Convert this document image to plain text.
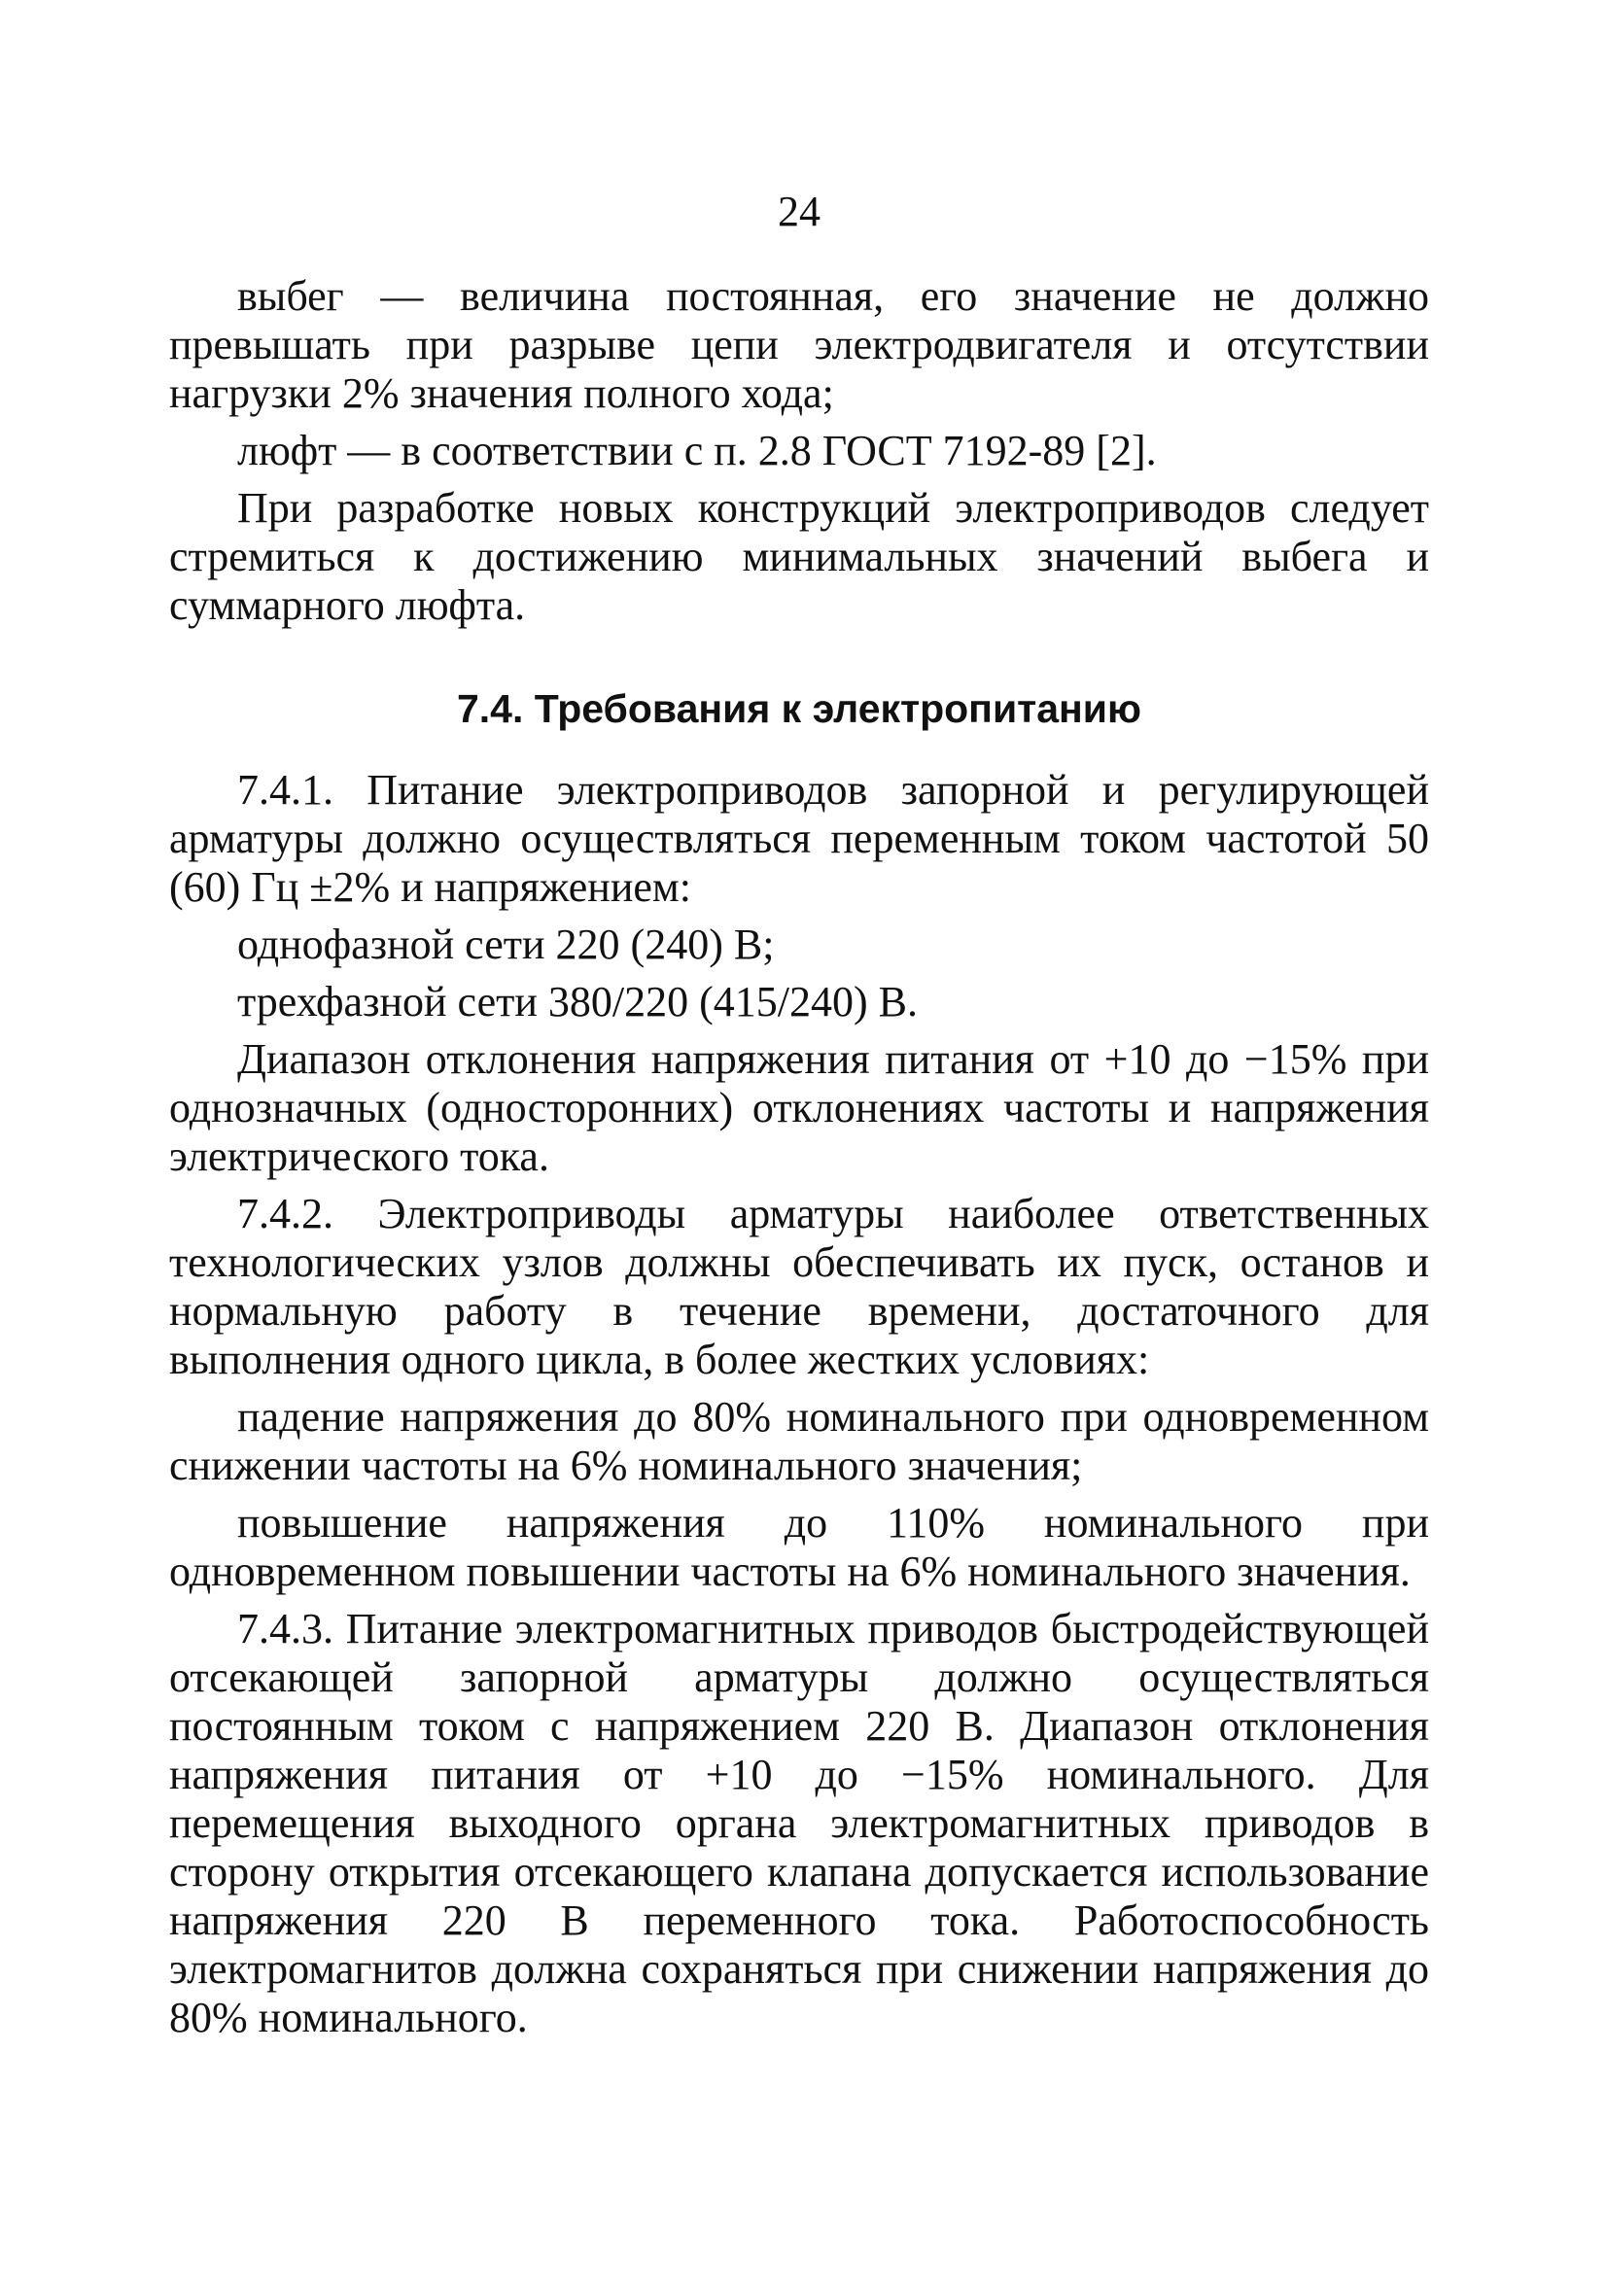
24

выбег — величина постоянная, его значение не должно превышать при разрыве цепи электродвигателя и отсутствии нагрузки 2% значения полного хода;

люфт — в соответствии с п. 2.8 ГОСТ 7192-89 [2].

При разработке новых конструкций электроприводов следует стремиться к достижению минимальных значений выбега и суммарного люфта.

7.4. Требования к электропитанию

7.4.1. Питание электроприводов запорной и регулирующей арматуры должно осуществляться переменным током частотой 50 (60) Гц ±2% и напряжением:

однофазной сети 220 (240) В;

трехфазной сети 380/220 (415/240) В.

Диапазон отклонения напряжения питания от +10 до −15% при однозначных (односторонних) отклонениях частоты и напряжения электрического тока.

7.4.2. Электроприводы арматуры наиболее ответственных технологических узлов должны обеспечивать их пуск, останов и нормальную работу в течение времени, достаточного для выполнения одного цикла, в более жестких условиях:

падение напряжения до 80% номинального при одновременном снижении частоты на 6% номинального значения;

повышение напряжения до 110% номинального при одновременном повышении частоты на 6% номинального значения.

7.4.3. Питание электромагнитных приводов быстродействующей отсекающей запорной арматуры должно осуществляться постоянным током с напряжением 220 В. Диапазон отклонения напряжения питания от +10 до −15% номинального. Для перемещения выходного органа электромагнитных приводов в сторону открытия отсекающего клапана допускается использование напряжения 220 В переменного тока. Работоспособность электромагнитов должна сохраняться при снижении напряжения до 80% номинального.
